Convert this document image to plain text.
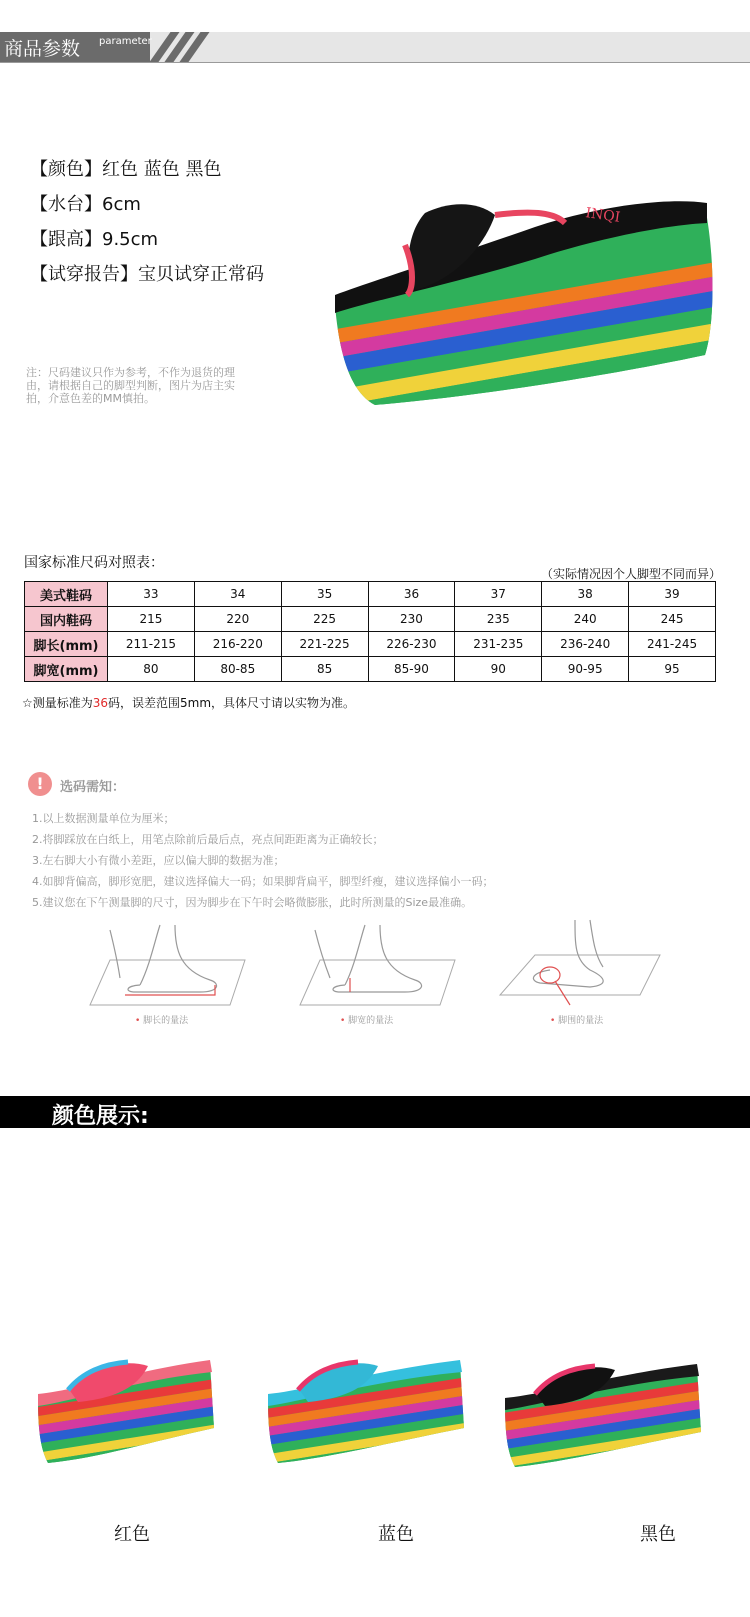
商品参数 parameter
【颜色】红色 蓝色 黑色
【水台】6cm
【跟高】9.5cm
【试穿报告】宝贝试穿正常码
注：尺码建议只作为参考，不作为退货的理
由，请根据自己的脚型判断，图片为店主实
拍，介意色差的MM慎拍。
INQI
国家标准尺码对照表：
（实际情况因个人脚型不同而异）
美式鞋码	33	34	35	36	37	38	39
国内鞋码	215	220	225	230	235	240	245
脚长(mm)	211-215	216-220	221-225	226-230	231-235	236-240	241-245
脚宽(mm)	80	80-85	85	85-90	90	90-95	95
☆测量标准为36码，误差范围5mm，具体尺寸请以实物为准。
!	选码需知：
1.以上数据测量单位为厘米；
2.将脚踩放在白纸上，用笔点除前后最后点，亮点间距距离为正确较长；
3.左右脚大小有微小差距，应以偏大脚的数据为准；
4.如脚背偏高，脚形宽肥，建议选择偏大一码；如果脚背扁平，脚型纤瘦，建议选择偏小一码；
5.建议您在下午测量脚的尺寸，因为脚步在下午时会略微膨胀，此时所测量的Size最准确。
• 脚长的量法	• 脚宽的量法	• 脚围的量法
颜色展示:
红色	蓝色	黑色
